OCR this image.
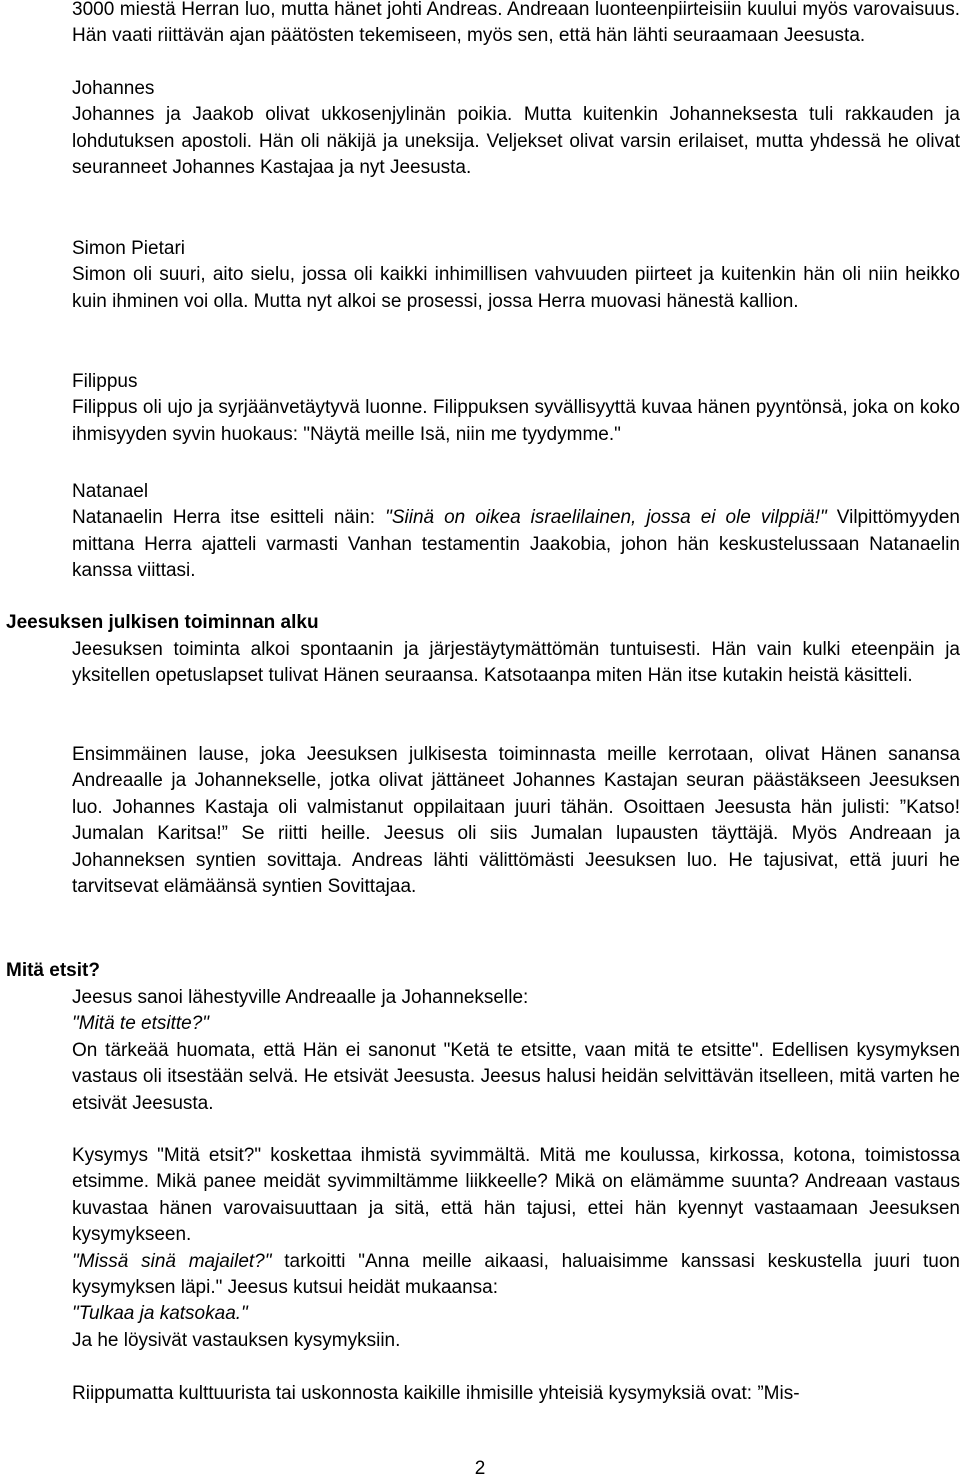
3000 miestä Herran luo, mutta hänet johti Andreas. Andreaan luonteenpiirteisiin kuului myös varovaisuus. Hän vaati riittävän ajan päätösten tekemiseen, myös sen, että hän lähti seuraamaan Jeesusta.

Johannes

Johannes ja Jaakob olivat ukkosenjylinän poikia. Mutta kuitenkin Johanneksesta tuli rakkauden ja lohdutuksen apostoli. Hän oli näkijä ja uneksija. Veljekset olivat varsin erilaiset, mutta yhdessä he olivat seuranneet Johannes Kastajaa ja nyt Jeesusta.

Simon Pietari

Simon oli suuri, aito sielu, jossa oli kaikki inhimillisen vahvuuden piirteet ja kuitenkin hän oli niin heikko kuin ihminen voi olla. Mutta nyt alkoi se prosessi, jossa Herra muovasi hänestä kallion.

Filippus

Filippus oli ujo ja syrjäänvetäytyvä luonne. Filippuksen syvällisyyttä kuvaa hänen pyyntönsä, joka on koko ihmisyyden syvin huokaus: "Näytä meille Isä, niin me tyydymme."

Natanael

Natanaelin Herra itse esitteli näin: "Siinä on oikea israelilainen, jossa ei ole vilppiä!" Vilpittömyyden mittana Herra ajatteli varmasti Vanhan testamentin Jaakobia, johon hän keskustelussaan Natanaelin kanssa viittasi.

Jeesuksen julkisen toiminnan alku

Jeesuksen toiminta alkoi spontaanin ja järjestäytymättömän tuntuisesti. Hän vain kulki eteenpäin ja yksitellen opetuslapset tulivat Hänen seuraansa. Katsotaanpa miten Hän itse kutakin heistä käsitteli.

Ensimmäinen lause, joka Jeesuksen julkisesta toiminnasta meille kerrotaan, olivat Hänen sanansa Andreaalle ja Johannekselle, jotka olivat jättäneet Johannes Kastajan seuran päästäkseen Jeesuksen luo. Johannes Kastaja oli valmistanut oppilaitaan juuri tähän. Osoittaen Jeesusta hän julisti: ”Katso! Jumalan Karitsa!” Se riitti heille. Jeesus oli siis Jumalan lupausten täyttäjä. Myös Andreaan ja Johanneksen syntien sovittaja. Andreas lähti välittömästi Jeesuksen luo. He tajusivat, että juuri he tarvitsevat elämäänsä syntien Sovittajaa.

Mitä etsit?

Jeesus sanoi lähestyville Andreaalle ja Johannekselle:

"Mitä te etsitte?"

On tärkeää huomata, että Hän ei sanonut "Ketä te etsitte, vaan mitä te etsitte". Edellisen kysymyksen vastaus oli itsestään selvä. He etsivät Jeesusta. Jeesus halusi heidän selvittävän itselleen, mitä varten he etsivät Jeesusta.

Kysymys "Mitä etsit?" koskettaa ihmistä syvimmältä. Mitä me koulussa, kirkossa, kotona, toimistossa etsimme. Mikä panee meidät syvimmiltämme liikkeelle? Mikä on elämämme suunta? Andreaan vastaus kuvastaa hänen varovaisuuttaan ja sitä, että hän tajusi, ettei hän kyennyt vastaamaan Jeesuksen kysymykseen.

"Missä sinä majailet?" tarkoitti "Anna meille aikaasi, haluaisimme kanssasi keskustella juuri tuon kysymyksen läpi." Jeesus kutsui heidät mukaansa:

"Tulkaa ja katsokaa."

Ja he löysivät vastauksen kysymyksiin.

Riippumatta kulttuurista tai uskonnosta kaikille ihmisille yhteisiä kysymyksiä ovat: ”Mis-

2
